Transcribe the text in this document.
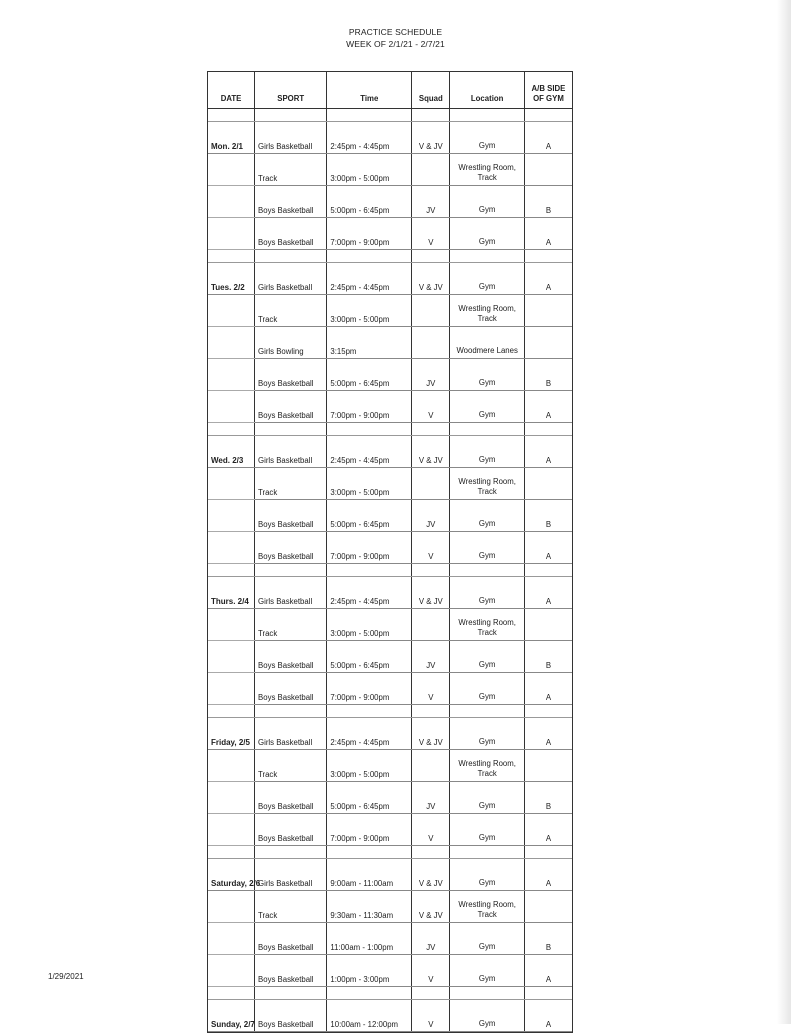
PRACTICE SCHEDULE
WEEK OF 2/1/21 - 2/7/21
DATE	SPORT	Time	Squad	Location	A/B SIDE OF GYM

Mon. 2/1	Girls Basketball	2:45pm - 4:45pm	V & JV	Gym	A
	Track	3:00pm - 5:00pm		Wrestling Room, Track	
	Boys Basketball	5:00pm - 6:45pm	JV	Gym	B
	Boys Basketball	7:00pm - 9:00pm	V	Gym	A

Tues. 2/2	Girls Basketball	2:45pm - 4:45pm	V & JV	Gym	A
	Track	3:00pm - 5:00pm		Wrestling Room, Track	
	Girls Bowling	3:15pm		Woodmere Lanes	
	Boys Basketball	5:00pm - 6:45pm	JV	Gym	B
	Boys Basketball	7:00pm - 9:00pm	V	Gym	A

Wed. 2/3	Girls Basketball	2:45pm - 4:45pm	V & JV	Gym	A
	Track	3:00pm - 5:00pm		Wrestling Room, Track	
	Boys Basketball	5:00pm - 6:45pm	JV	Gym	B
	Boys Basketball	7:00pm - 9:00pm	V	Gym	A

Thurs. 2/4	Girls Basketball	2:45pm - 4:45pm	V & JV	Gym	A
	Track	3:00pm - 5:00pm		Wrestling Room, Track	
	Boys Basketball	5:00pm - 6:45pm	JV	Gym	B
	Boys Basketball	7:00pm - 9:00pm	V	Gym	A

Friday, 2/5	Girls Basketball	2:45pm - 4:45pm	V & JV	Gym	A
	Track	3:00pm - 5:00pm		Wrestling Room, Track	
	Boys Basketball	5:00pm - 6:45pm	JV	Gym	B
	Boys Basketball	7:00pm - 9:00pm	V	Gym	A

Saturday, 2/6	Girls Basketball	9:00am - 11:00am	V & JV	Gym	A
	Track	9:30am - 11:30am	V & JV	Wrestling Room, Track	
	Boys Basketball	11:00am - 1:00pm	JV	Gym	B
	Boys Basketball	1:00pm - 3:00pm	V	Gym	A

Sunday, 2/7	Boys Basketball	10:00am - 12:00pm	V	Gym	A
1/29/2021
